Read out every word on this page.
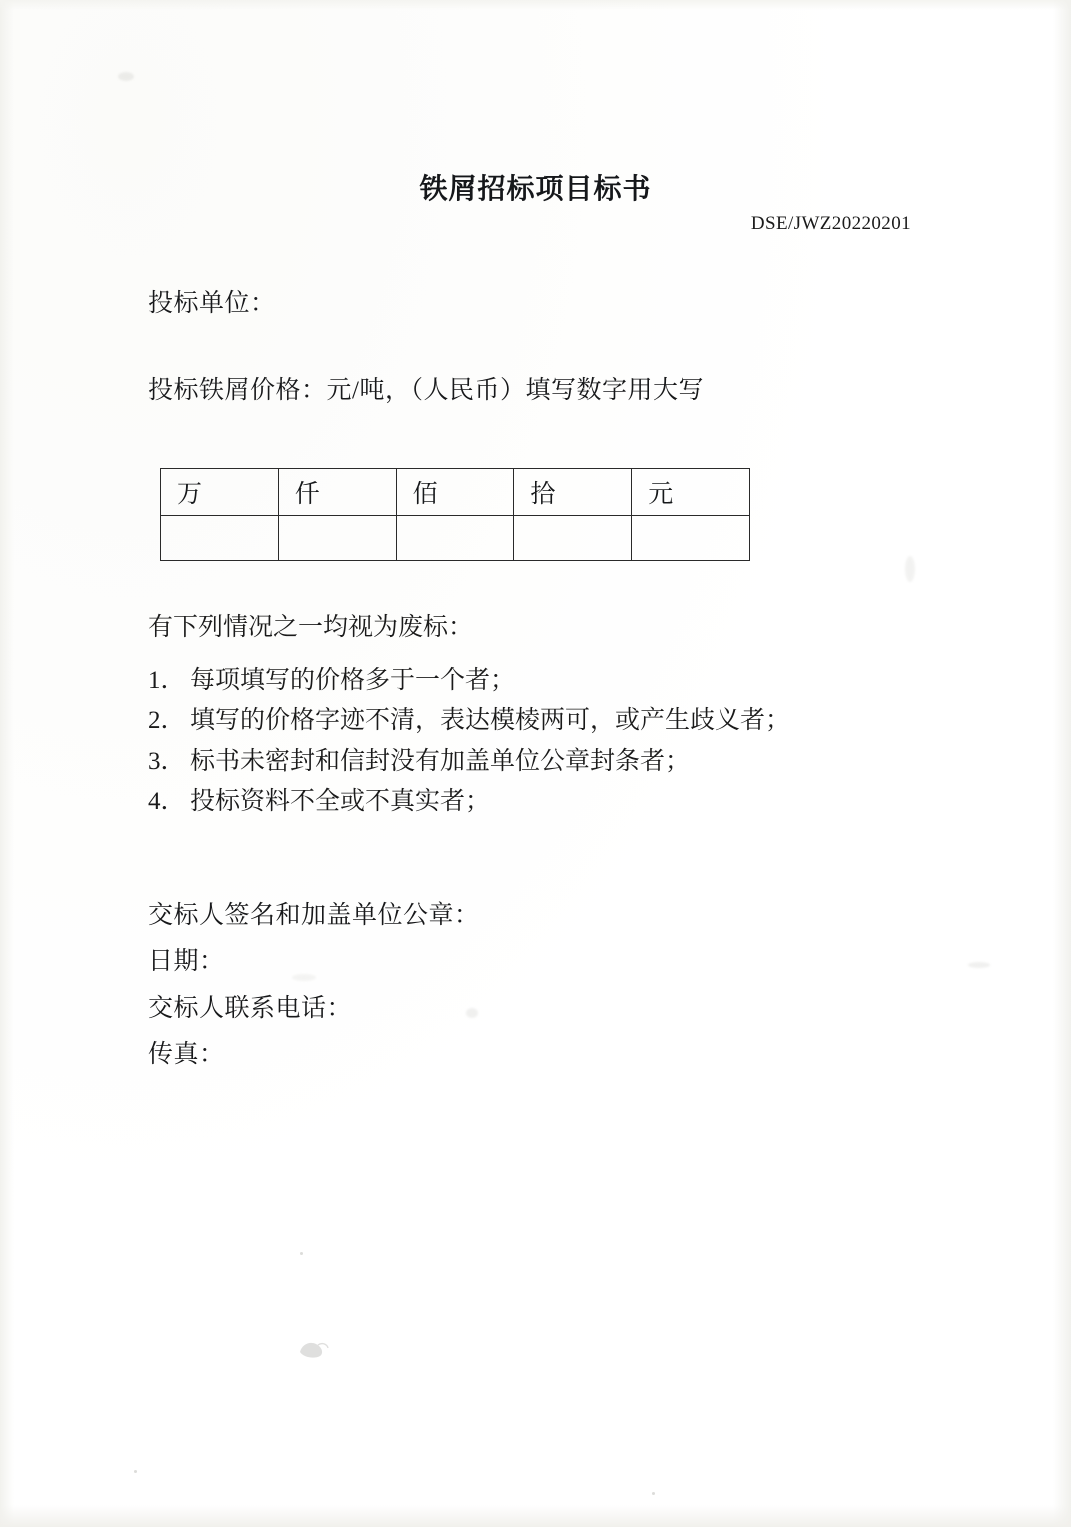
铁屑招标项目标书
DSE/JWZ20220201
投标单位：
投标铁屑价格：元/吨，（人民币）填写数字用大写
万	仟	佰	拾	元

有下列情况之一均视为废标：
1． 每项填写的价格多于一个者；
2． 填写的价格字迹不清，表达模棱两可，或产生歧义者；
3． 标书未密封和信封没有加盖单位公章封条者；
4． 投标资料不全或不真实者；
交标人签名和加盖单位公章：
日期：
交标人联系电话：
传真：
